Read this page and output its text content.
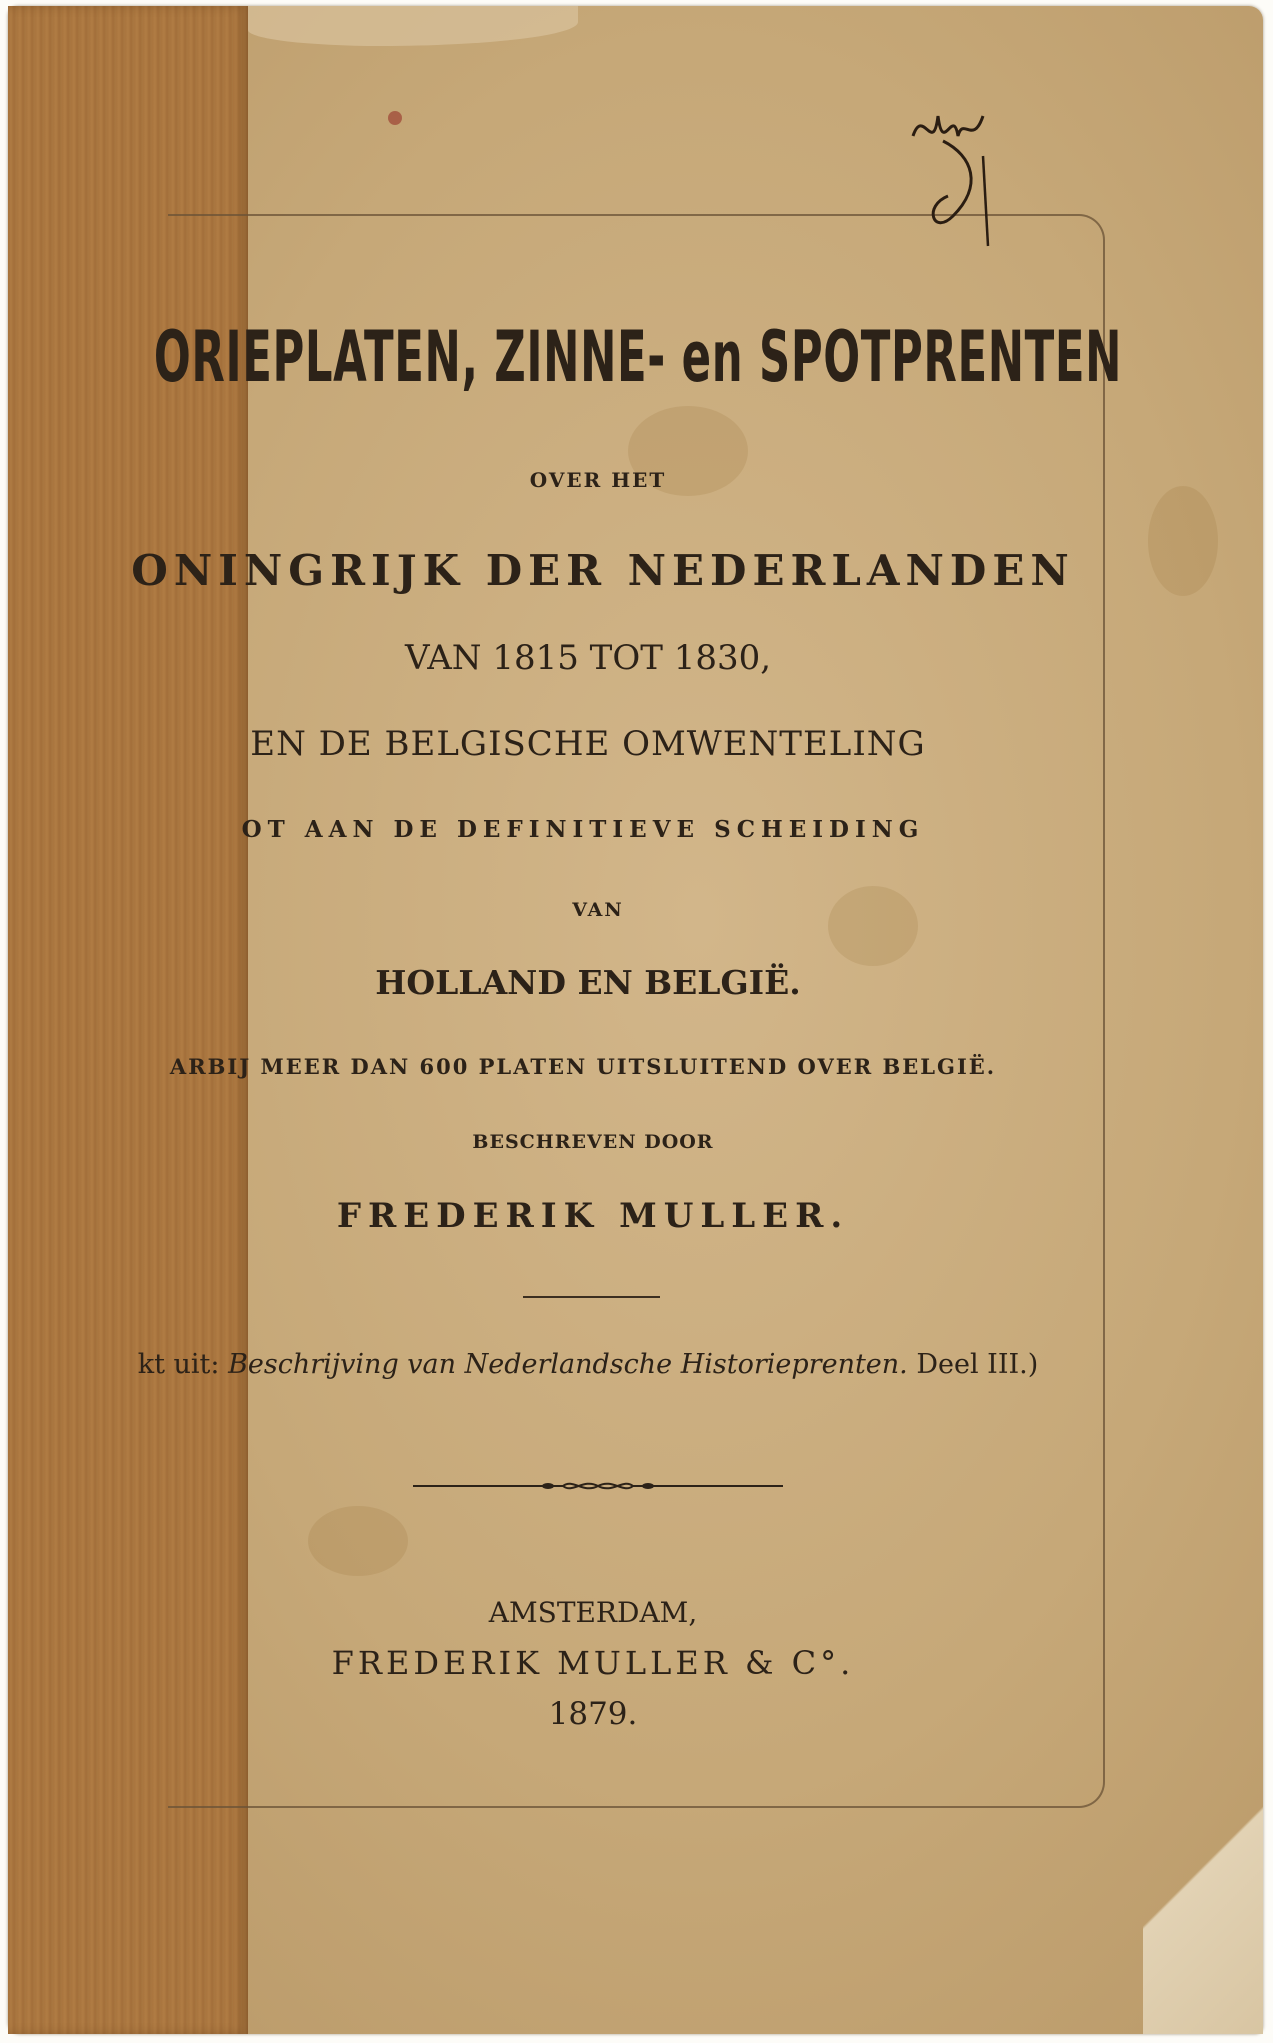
ORIEPLATEN, ZINNE- en SPOTPRENTEN
OVER HET
ONINGRIJK DER NEDERLANDEN
VAN 1815 TOT 1830,
EN DE BELGISCHE OMWENTELING
OT AAN DE DEFINITIEVE SCHEIDING
VAN
HOLLAND EN BELGIË.
ARBIJ MEER DAN 600 PLATEN UITSLUITEND OVER BELGIË.
BESCHREVEN DOOR
FREDERIK MULLER.
kt uit: Beschrijving van Nederlandsche Historieprenten. Deel III.)
AMSTERDAM,
FREDERIK MULLER & C°.
1879.
